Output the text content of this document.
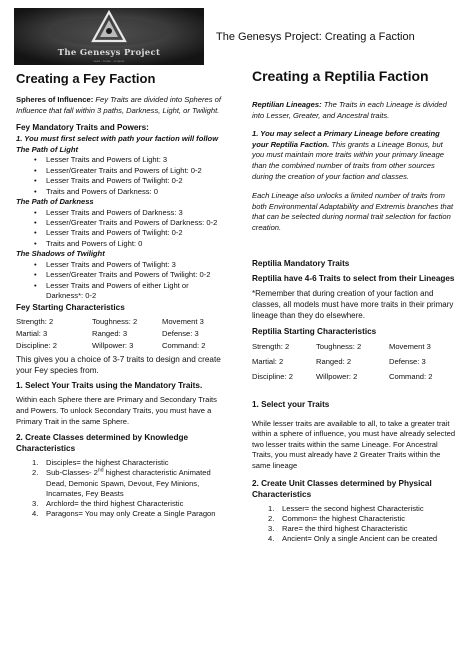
The Genesys Project
seed · create · conquer
The Genesys Project: Creating a Faction
Creating a Fey Faction

Spheres of Influence: Fey Traits are divided into Spheres of Influence that fall within 3 paths, Darkness, Light, or Twilight.

Fey Mandatory Traits and Powers:

1. You must first select with path your faction will follow

The Path of Light

• Lesser Traits and Powers of Light: 3
• Lesser/Greater Traits and Powers of Light: 0-2
• Lesser Traits and Powers of Twilight: 0-2
• Traits and Powers of Darkness: 0

The Path of Darkness

• Lesser Traits and Powers of Darkness: 3
• Lesser/Greater Traits and Powers of Darkness: 0-2
• Lesser Traits and Powers of Twilight: 0-2
• Traits and Powers of Light: 0

The Shadows of Twilight

• Lesser Traits and Powers of Twilight: 3
• Lesser/Greater Traits and Powers of Twilight: 0-2
• Lesser Traits and Powers of either Light or Darkness*: 0-2

Fey Starting Characteristics

Strength: 2	Toughness: 2	Movement 3
Martial: 3	Ranged: 3	Defense: 3
Discipline: 2	Willpower: 3	Command: 2

This gives you a choice of 3-7 traits to design and create your Fey species from.

1. Select Your Traits using the Mandatory Traits.

Within each Sphere there are Primary and Secondary Traits and Powers. To unlock Secondary Traits, you must have a Primary Trait in the same Sphere.

2. Create Classes determined by Knowledge Characteristics

1. Disciples= the highest Characteristic
2. Sub-Classes- 2nd highest characteristic Animated Dead, Demonic Spawn, Devout, Fey Minions, Incarnates, Fey Beasts
3. Archlord= the third highest Characteristic
4. Paragons= You may only Create a Single Paragon
Creating a Reptilia Faction

Reptilian Lineages: The Traits in each Lineage is divided into Lesser, Greater, and Ancestral traits.

1. You may select a Primary Lineage before creating your Reptilia Faction. This grants a Lineage Bonus, but you must maintain more traits within your primary lineage than the combined number of traits from other sources during the creation of your faction and classes.

Each Lineage also unlocks a limited number of traits from both Environmental Adaptability and Extremis branches that that can be selected during normal trait selection for faction creation.

Reptilia Mandatory Traits

Reptilia have 4-6 Traits to select from their Lineages

*Remember that during creation of your faction and classes, all models must have more traits in their primary lineage than they do elsewhere.

Reptilia Starting Characteristics

Strength: 2	Toughness: 2	Movement 3
Martial: 2	Ranged: 2	Defense: 3
Discipline: 2	Willpower: 2	Command: 2

1. Select your Traits

While lesser traits are available to all, to take a greater trait within a sphere of influence, you must have already selected two lesser traits within the same Lineage. For Ancestral Traits, you must already have 2 Greater Traits within the same lineage

2. Create Unit Classes determined by Physical Characteristics

1. Lesser= the second highest Characteristic
2. Common= the highest Characteristic
3. Rare= the third highest Characteristic
4. Ancient= Only a single Ancient can be created
